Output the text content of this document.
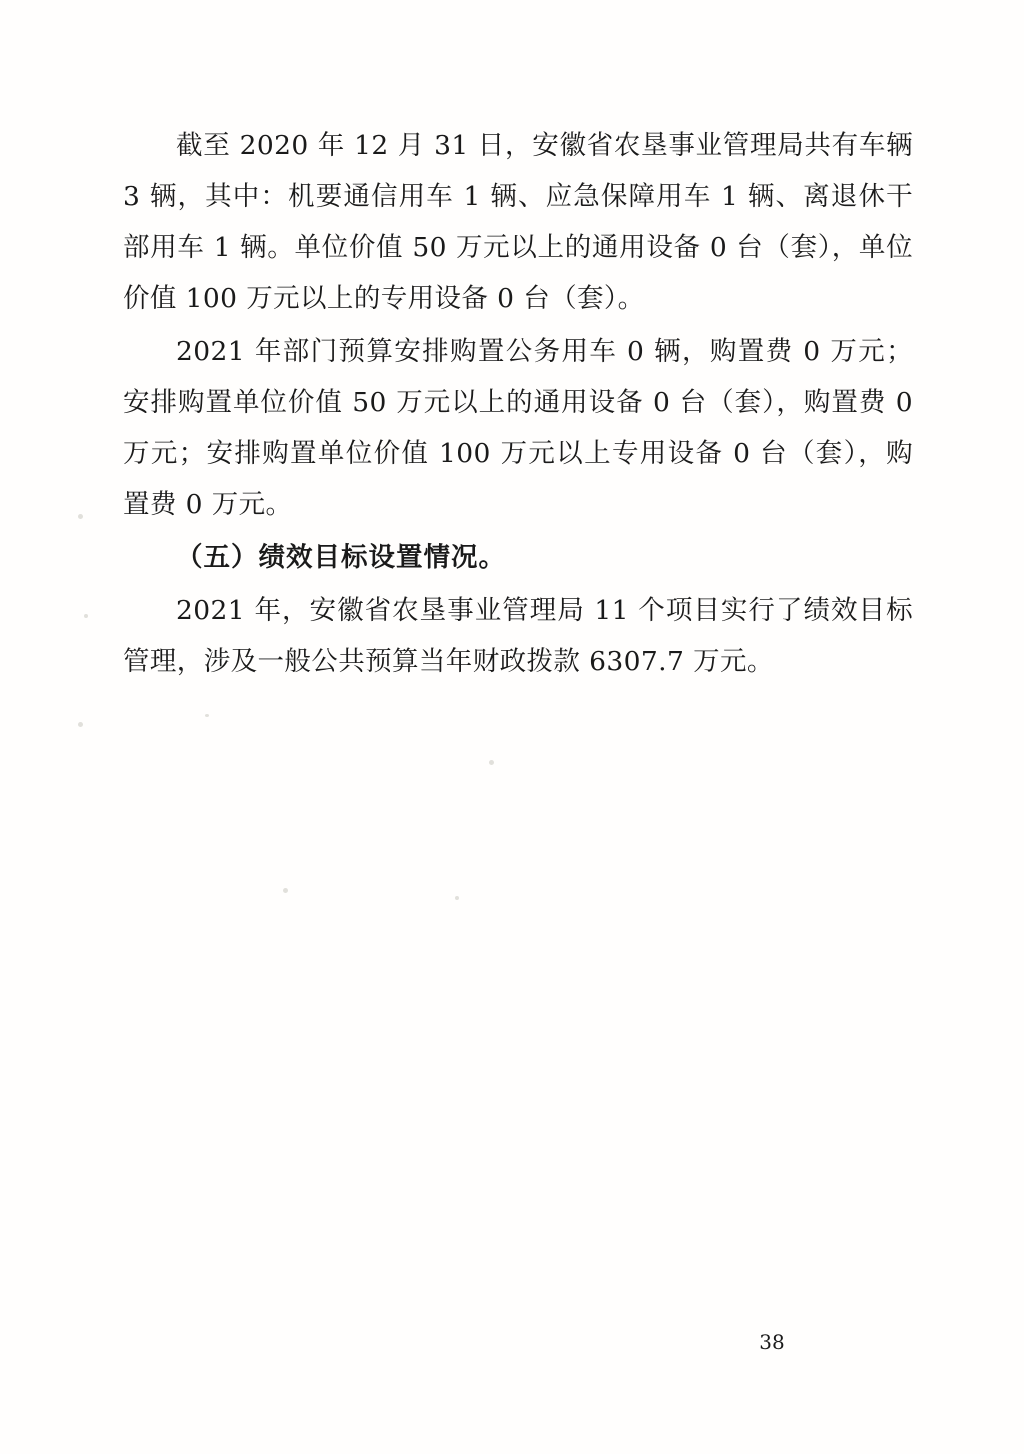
截至 2020 年 12 月 31 日，安徽省农垦事业管理局共有车辆 3 辆，其中：机要通信用车 1 辆、应急保障用车 1 辆、离退休干部用车 1 辆。单位价值 50 万元以上的通用设备 0 台（套），单位价值 100 万元以上的专用设备 0 台（套）。

2021 年部门预算安排购置公务用车 0 辆，购置费 0 万元；安排购置单位价值 50 万元以上的通用设备 0 台（套），购置费 0 万元；安排购置单位价值 100 万元以上专用设备 0 台（套），购置费 0 万元。

（五）绩效目标设置情况。

2021 年，安徽省农垦事业管理局 11 个项目实行了绩效目标管理，涉及一般公共预算当年财政拨款 6307.7 万元。

38
